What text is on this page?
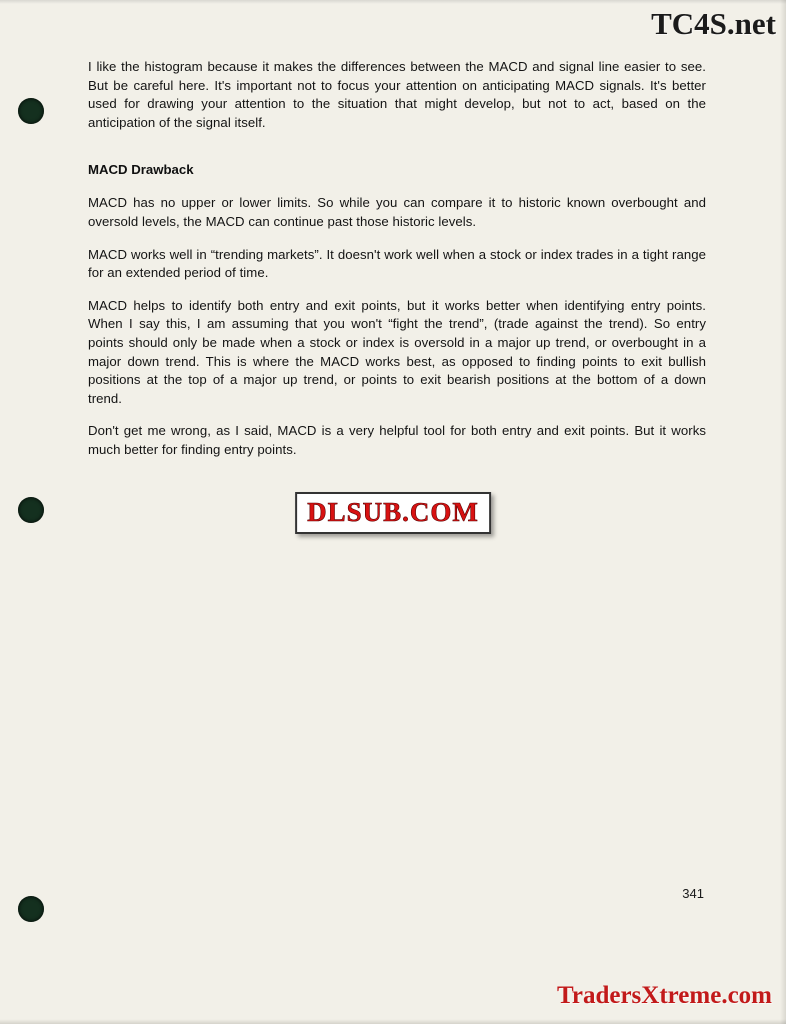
TC4S.net

I like the histogram because it makes the differences between the MACD and signal line easier to see. But be careful here. It's important not to focus your attention on anticipating MACD signals. It's better used for drawing your attention to the situation that might develop, but not to act, based on the anticipation of the signal itself.

MACD Drawback

MACD has no upper or lower limits. So while you can compare it to historic known overbought and oversold levels, the MACD can continue past those historic levels.

MACD works well in “trending markets”. It doesn't work well when a stock or index trades in a tight range for an extended period of time.

MACD helps to identify both entry and exit points, but it works better when identifying entry points. When I say this, I am assuming that you won't “fight the trend”, (trade against the trend). So entry points should only be made when a stock or index is oversold in a major up trend, or overbought in a major down trend. This is where the MACD works best, as opposed to finding points to exit bullish positions at the top of a major up trend, or points to exit bearish positions at the bottom of a down trend.

Don't get me wrong, as I said, MACD is a very helpful tool for both entry and exit points. But it works much better for finding entry points.

DLSUB.COM
341
TradersXtreme.com
